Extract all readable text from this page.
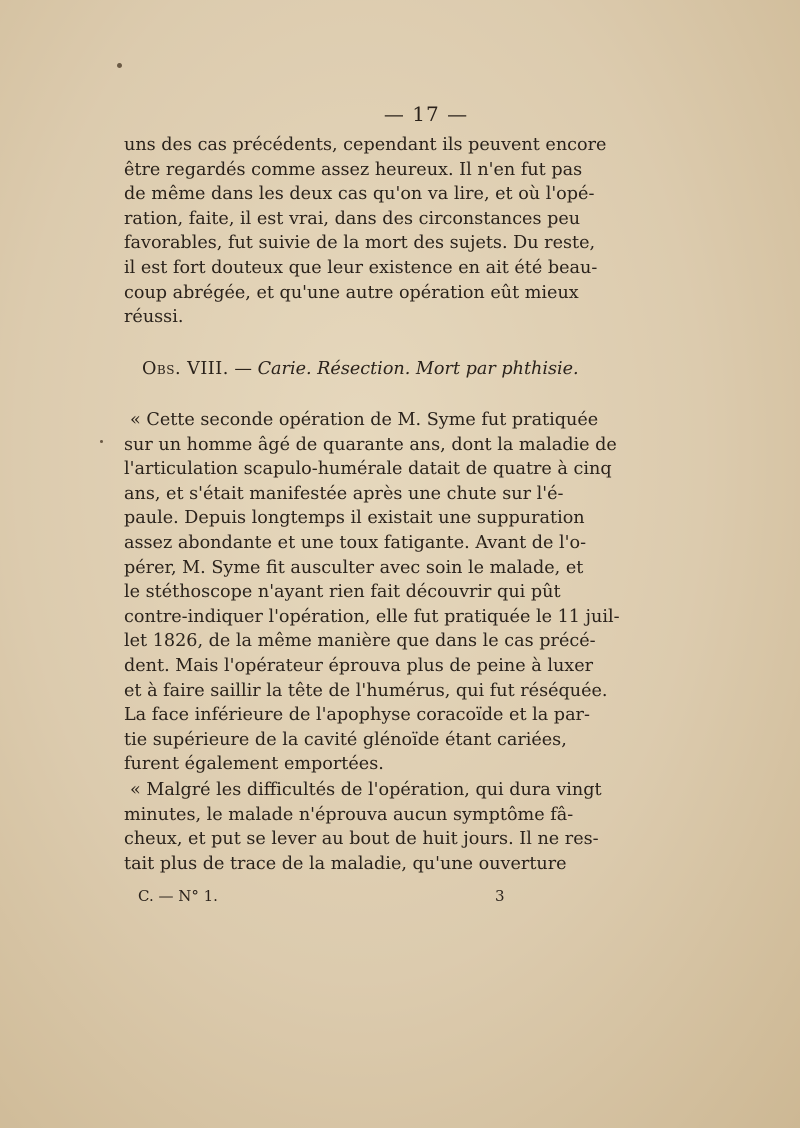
— 17 —
uns des cas précédents, cependant ils peuvent encore
être regardés comme assez heureux. Il n'en fut pas
de même dans les deux cas qu'on va lire, et où l'opé-
ration, faite, il est vrai, dans des circonstances peu
favorables, fut suivie de la mort des sujets. Du reste,
il est fort douteux que leur existence en ait été beau-
coup abrégée, et qu'une autre opération eût mieux
réussi.
Obs. VIII. — Carie. Résection. Mort par phthisie.
« Cette seconde opération de M. Syme fut pratiquée
sur un homme âgé de quarante ans, dont la maladie de
l'articulation scapulo-humérale datait de quatre à cinq
ans, et s'était manifestée après une chute sur l'é-
paule. Depuis longtemps il existait une suppuration
assez abondante et une toux fatigante. Avant de l'o-
pérer, M. Syme fit ausculter avec soin le malade, et
le stéthoscope n'ayant rien fait découvrir qui pût
contre-indiquer l'opération, elle fut pratiquée le 11 juil-
let 1826, de la même manière que dans le cas précé-
dent. Mais l'opérateur éprouva plus de peine à luxer
et à faire saillir la tête de l'humérus, qui fut réséquée.
La face inférieure de l'apophyse coracoïde et la par-
tie supérieure de la cavité glénoïde étant cariées,
furent également emportées.
« Malgré les difficultés de l'opération, qui dura vingt
minutes, le malade n'éprouva aucun symptôme fâ-
cheux, et put se lever au bout de huit jours. Il ne res-
tait plus de trace de la maladie, qu'une ouverture
C. — N° 1.	3
